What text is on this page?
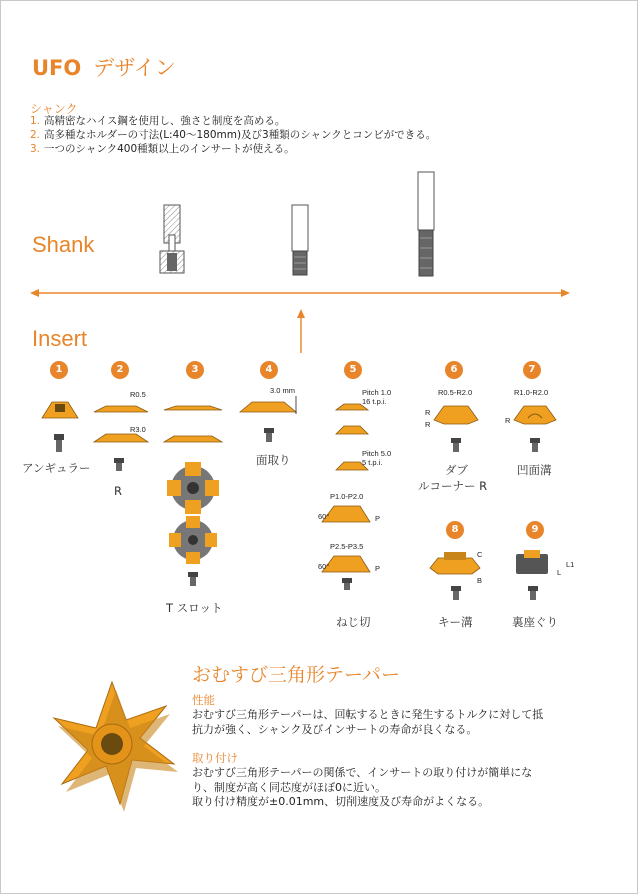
UFO デザイン
シャンク
1. 高精密なハイス鋼を使用し、強さと制度を高める。
2. 高多種なホルダーの寸法(L:40～180mm)及び3種類のシャンクとコンビができる。
3. 一つのシャンク400種類以上のインサートが使える。
Shank
Insert
1	2	3	4	5	6	7
8	9
アンギュラー
R0.5
R3.0
R
T スロット
3.0 mm
面取り
Pitch 1.0
16 t.p.i.
Pitch 5.0
5 t.p.i.
P1.0-P2.0
60°	P
P2.5-P3.5
60°	P
ねじ切
R0.5-R2.0
R
R
ダブ
ルコーナー R
R1.0-R2.0
R
凹面溝
C
B
キー溝
L1
L
裏座ぐり
おむすび三角形テーパー
性能
おむすび三角形テーパーは、回転するときに発生するトルクに対して抵抗力が強く、シャンク及びインサートの寿命が良くなる。
取り付け
おむすび三角形テーパーの関係で、インサートの取り付けが簡単になり、制度が高く同芯度がほぼ0に近い。
取り付け精度が±0.01mm、切削速度及び寿命がよくなる。
